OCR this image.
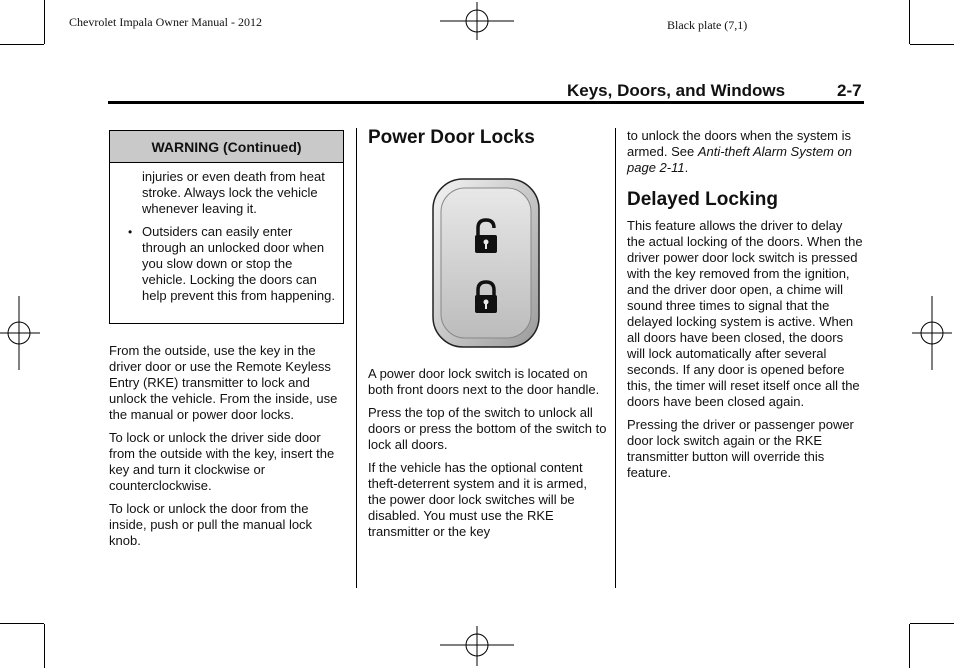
Chevrolet Impala Owner Manual - 2012	Black plate (7,1)
Keys, Doors, and Windows	2-7
WARNING (Continued)

injuries or even death from heat stroke. Always lock the vehicle whenever leaving it.

• Outsiders can easily enter through an unlocked door when you slow down or stop the vehicle. Locking the doors can help prevent this from happening.

From the outside, use the key in the driver door or use the Remote Keyless Entry (RKE) transmitter to lock and unlock the vehicle. From the inside, use the manual or power door locks.

To lock or unlock the driver side door from the outside with the key, insert the key and turn it clockwise or counterclockwise.

To lock or unlock the door from the inside, push or pull the manual lock knob.

Power Door Locks

A power door lock switch is located on both front doors next to the door handle.

Press the top of the switch to unlock all doors or press the bottom of the switch to lock all doors.

If the vehicle has the optional content theft-deterrent system and it is armed, the power door lock switches will be disabled. You must use the RKE transmitter or the key

to unlock the doors when the system is armed. See Anti-theft Alarm System on page 2-11.

Delayed Locking

This feature allows the driver to delay the actual locking of the doors. When the driver power door lock switch is pressed with the key removed from the ignition, and the driver door open, a chime will sound three times to signal that the delayed locking system is active. When all doors have been closed, the doors will lock automatically after several seconds. If any door is opened before this, the timer will reset itself once all the doors have been closed again.

Pressing the driver or passenger power door lock switch again or the RKE transmitter button will override this feature.
